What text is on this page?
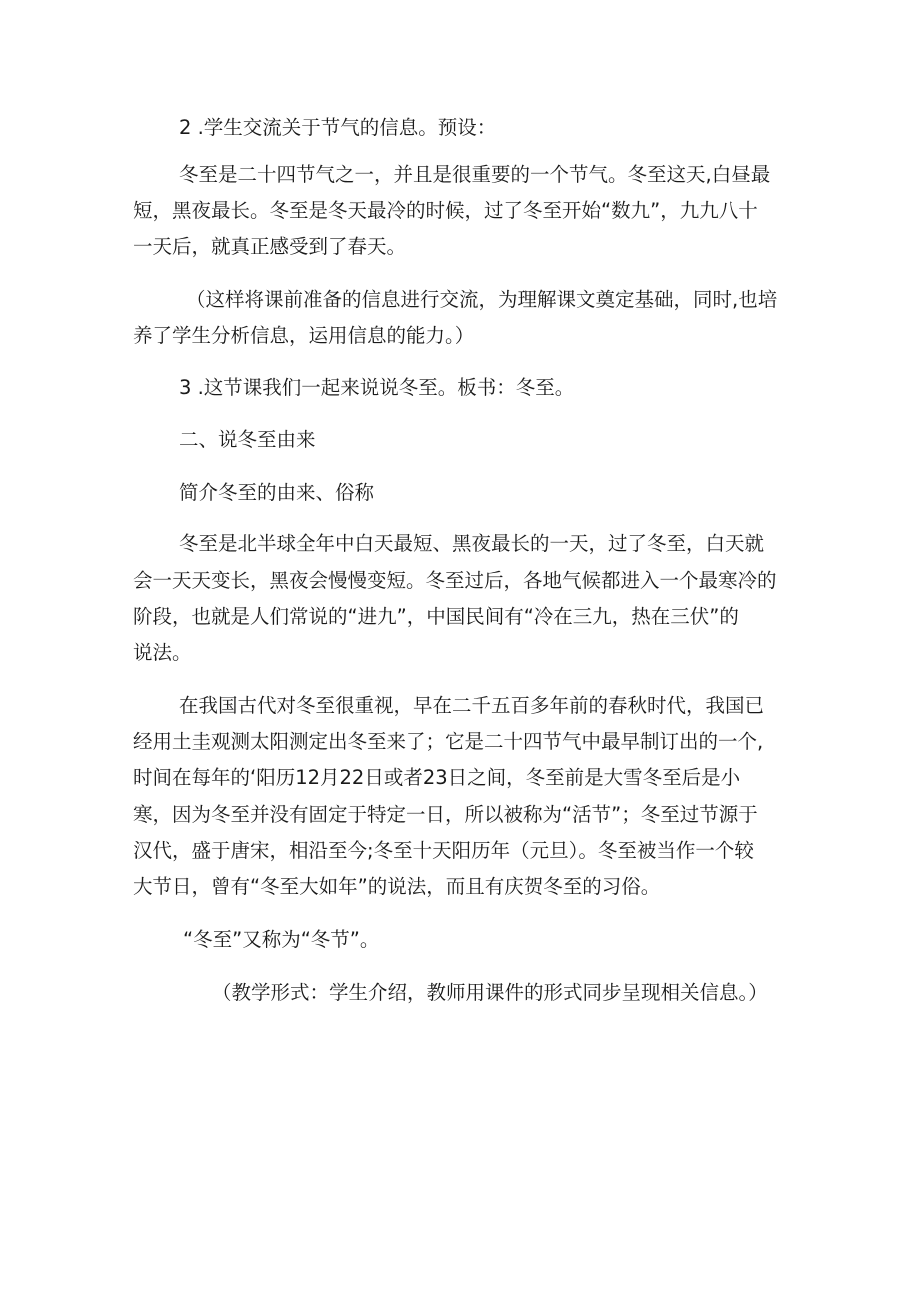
2 .学生交流关于节气的信息。预设：
冬至是二十四节气之一，并且是很重要的一个节气。冬至这天,白昼最
短，黑夜最长。冬至是冬天最冷的时候，过了冬至开始“数九”，九九八十
一天后，就真正感受到了春天。
（这样将课前准备的信息进行交流，为理解课文奠定基础，同时,也培
养了学生分析信息，运用信息的能力。）
3 .这节课我们一起来说说冬至。板书：冬至。
二、说冬至由来
简介冬至的由来、俗称
冬至是北半球全年中白天最短、黑夜最长的一天，过了冬至，白天就
会一天天变长，黑夜会慢慢变短。冬至过后，各地气候都进入一个最寒冷的
阶段，也就是人们常说的“进九”，中国民间有“冷在三九，热在三伏”的
说法。
在我国古代对冬至很重视，早在二千五百多年前的春秋时代，我国已
经用土圭观测太阳测定出冬至来了；它是二十四节气中最早制订出的一个,
时间在每年的‘阳历12月22日或者23日之间，冬至前是大雪冬至后是小
寒，因为冬至并没有固定于特定一日，所以被称为“活节”；冬至过节源于
汉代，盛于唐宋，相沿至今;冬至十天阳历年（元旦）。冬至被当作一个较
大节日，曾有“冬至大如年”的说法，而且有庆贺冬至的习俗。
“冬至”又称为“冬节”。
（教学形式：学生介绍，教师用课件的形式同步呈现相关信息。）
